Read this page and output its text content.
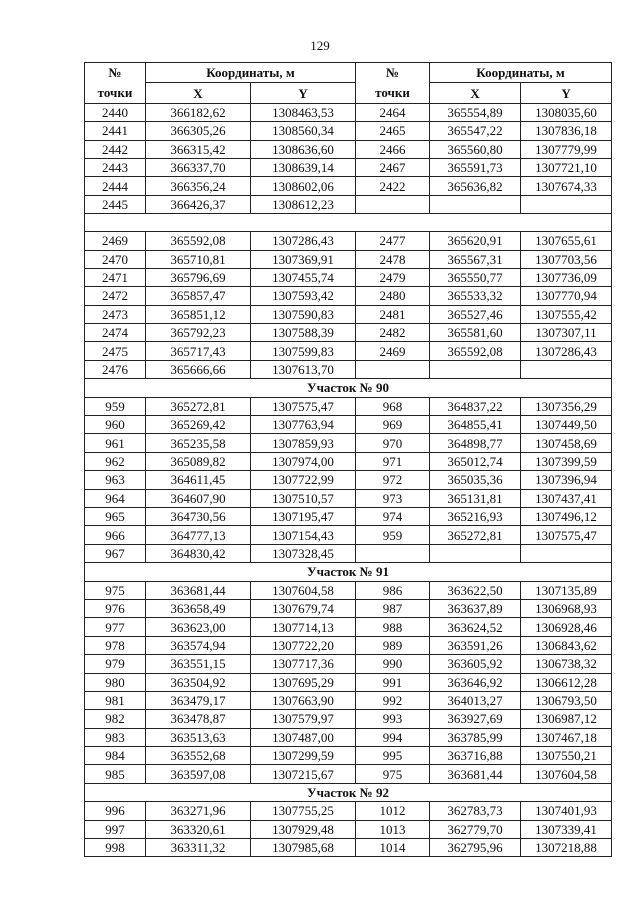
129
№	Координаты, м		№	Координаты, м	
точки	X	Y	точки	X	Y
2440	366182,62	1308463,53	2464	365554,89	1308035,60
2441	366305,26	1308560,34	2465	365547,22	1307836,18
2442	366315,42	1308636,60	2466	365560,80	1307779,99
2443	366337,70	1308639,14	2467	365591,73	1307721,10
2444	366356,24	1308602,06	2422	365636,82	1307674,33
2445	366426,37	1308612,23			

2469	365592,08	1307286,43	2477	365620,91	1307655,61
2470	365710,81	1307369,91	2478	365567,31	1307703,56
2471	365796,69	1307455,74	2479	365550,77	1307736,09
2472	365857,47	1307593,42	2480	365533,32	1307770,94
2473	365851,12	1307590,83	2481	365527,46	1307555,42
2474	365792,23	1307588,39	2482	365581,60	1307307,11
2475	365717,43	1307599,83	2469	365592,08	1307286,43
2476	365666,66	1307613,70			
Участок № 90					
959	365272,81	1307575,47	968	364837,22	1307356,29
960	365269,42	1307763,94	969	364855,41	1307449,50
961	365235,58	1307859,93	970	364898,77	1307458,69
962	365089,82	1307974,00	971	365012,74	1307399,59
963	364611,45	1307722,99	972	365035,36	1307396,94
964	364607,90	1307510,57	973	365131,81	1307437,41
965	364730,56	1307195,47	974	365216,93	1307496,12
966	364777,13	1307154,43	959	365272,81	1307575,47
967	364830,42	1307328,45			
Участок № 91					
975	363681,44	1307604,58	986	363622,50	1307135,89
976	363658,49	1307679,74	987	363637,89	1306968,93
977	363623,00	1307714,13	988	363624,52	1306928,46
978	363574,94	1307722,20	989	363591,26	1306843,62
979	363551,15	1307717,36	990	363605,92	1306738,32
980	363504,92	1307695,29	991	363646,92	1306612,28
981	363479,17	1307663,90	992	364013,27	1306793,50
982	363478,87	1307579,97	993	363927,69	1306987,12
983	363513,63	1307487,00	994	363785,99	1307467,18
984	363552,68	1307299,59	995	363716,88	1307550,21
985	363597,08	1307215,67	975	363681,44	1307604,58
Участок № 92					
996	363271,96	1307755,25	1012	362783,73	1307401,93
997	363320,61	1307929,48	1013	362779,70	1307339,41
998	363311,32	1307985,68	1014	362795,96	1307218,88
